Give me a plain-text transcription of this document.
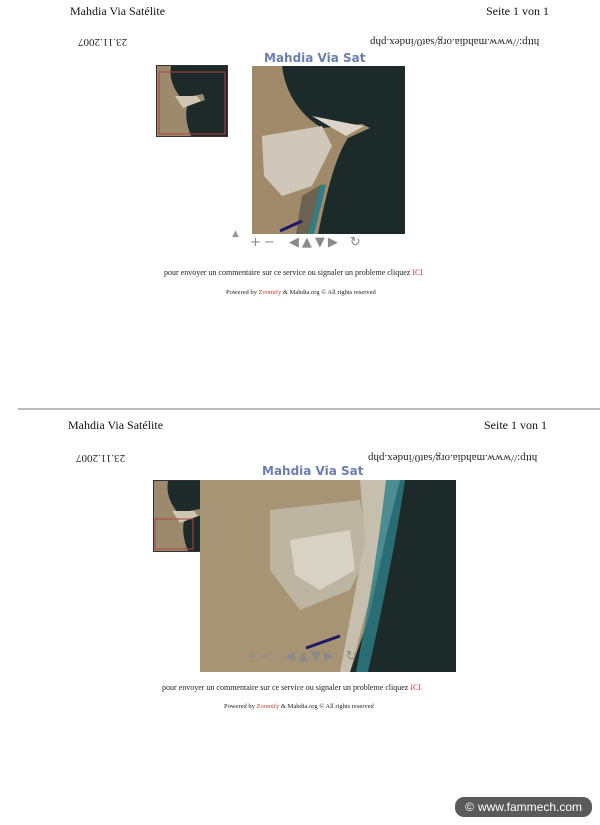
Mahdia Via Satélite	Seite 1 von 1
http://www.mahdia.org/sat0/index.php
23.11.2007
Mahdia Via Sat
▲
+ − ◀ ▲ ▼ ▶ ↻
pour envoyer un commentaire sur ce service ou signaler un probleme cliquez ICI
Powered by Zoomify & Mahdia.org © All rights reserved
Mahdia Via Satélite	Seite 1 von 1
http://www.mahdia.org/sat0/index.php
23.11.2007
Mahdia Via Sat
+ − ◀ ▲ ▼ ▶ ↻
pour envoyer un commentaire sur ce service ou signaler un probleme cliquez ICI
Powered by Zoomify & Mahdia.org © All rights reserved
© www.fammech.com
